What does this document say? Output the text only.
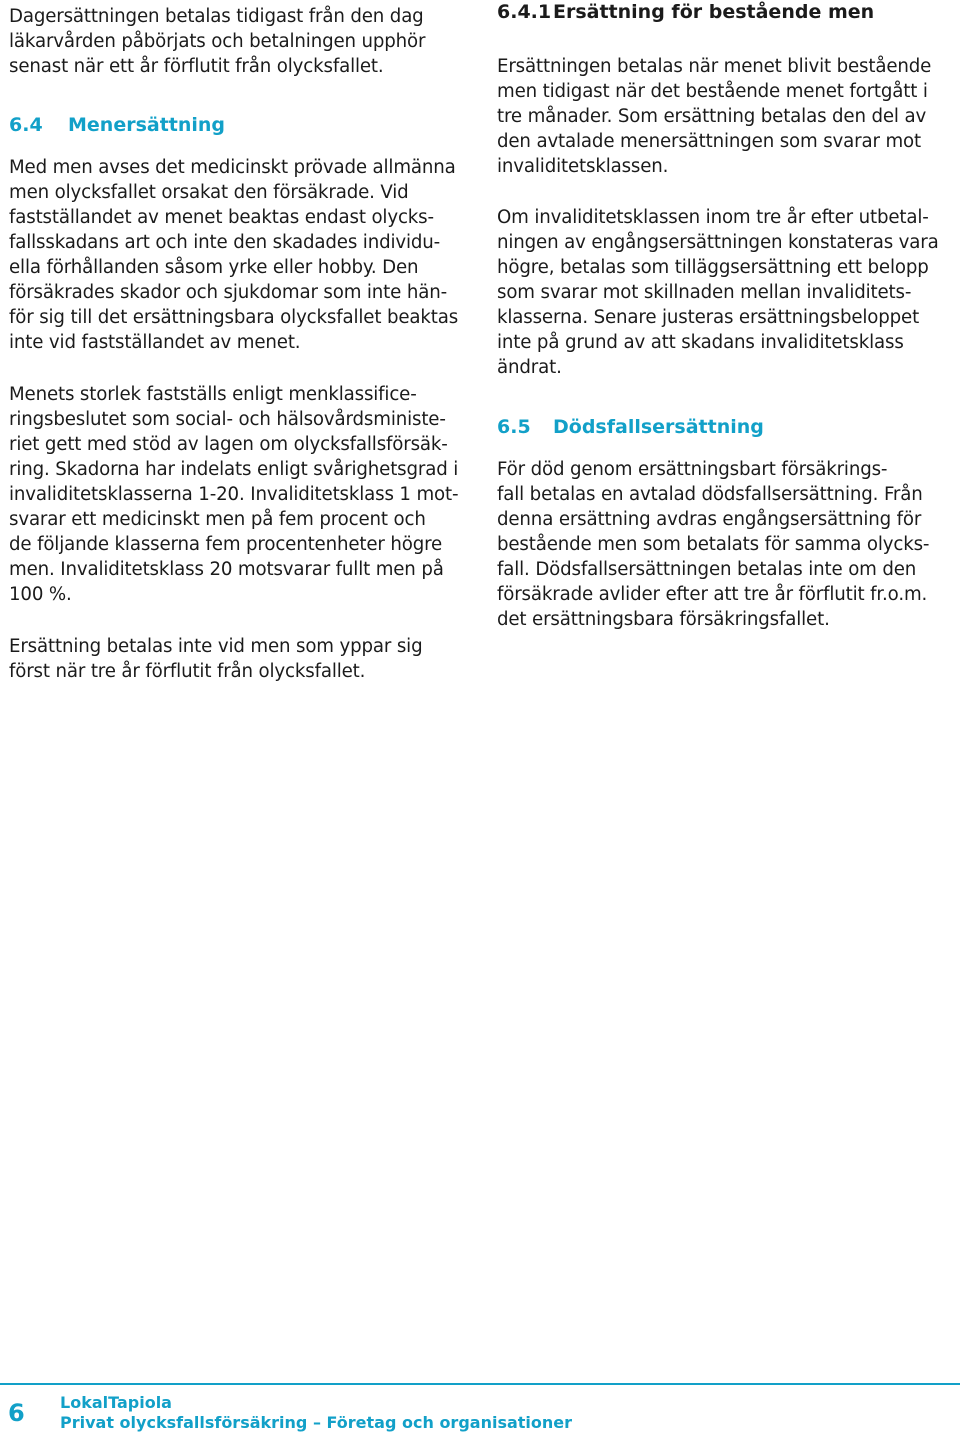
Dagersättningen betalas tidigast från den dag
läkarvården påbörjats och betalningen upphör
senast när ett år förflutit från olycksfallet.
6.4 Menersättning
Med men avses det medicinskt prövade allmänna
men olycksfallet orsakat den försäkrade. Vid
fastställandet av menet beaktas endast olycks-
fallsskadans art och inte den skadades individu-
ella förhållanden såsom yrke eller hobby. Den
försäkrades skador och sjukdomar som inte hän-
för sig till det ersättningsbara olycksfallet beaktas
inte vid fastställandet av menet.
Menets storlek fastställs enligt menklassifice-
ringsbeslutet som social- och hälsovårdsministe-
riet gett med stöd av lagen om olycksfallsförsäk-
ring. Skadorna har indelats enligt svårighetsgrad i
invaliditetsklasserna 1-20. Invaliditetsklass 1 mot-
svarar ett medicinskt men på fem procent och
de följande klasserna fem procentenheter högre
men. Invaliditetsklass 20 motsvarar fullt men på
100 %.
Ersättning betalas inte vid men som yppar sig
först när tre år förflutit från olycksfallet.
6.4.1 Ersättning för bestående men
Ersättningen betalas när menet blivit bestående
men tidigast när det bestående menet fortgått i
tre månader. Som ersättning betalas den del av
den avtalade menersättningen som svarar mot
invaliditetsklassen.
Om invaliditetsklassen inom tre år efter utbetal-
ningen av engångsersättningen konstateras vara
högre, betalas som tilläggsersättning ett belopp
som svarar mot skillnaden mellan invaliditets-
klasserna. Senare justeras ersättningsbeloppet
inte på grund av att skadans invaliditetsklass
ändrat.
6.5 Dödsfallsersättning
För död genom ersättningsbart försäkrings-
fall betalas en avtalad dödsfallsersättning. Från
denna ersättning avdras engångsersättning för
bestående men som betalats för samma olycks-
fall. Dödsfallsersättningen betalas inte om den
försäkrade avlider efter att tre år förflutit fr.o.m.
det ersättningsbara försäkringsfallet.
6 LokalTapiola
Privat olycksfallsförsäkring – Företag och organisationer
